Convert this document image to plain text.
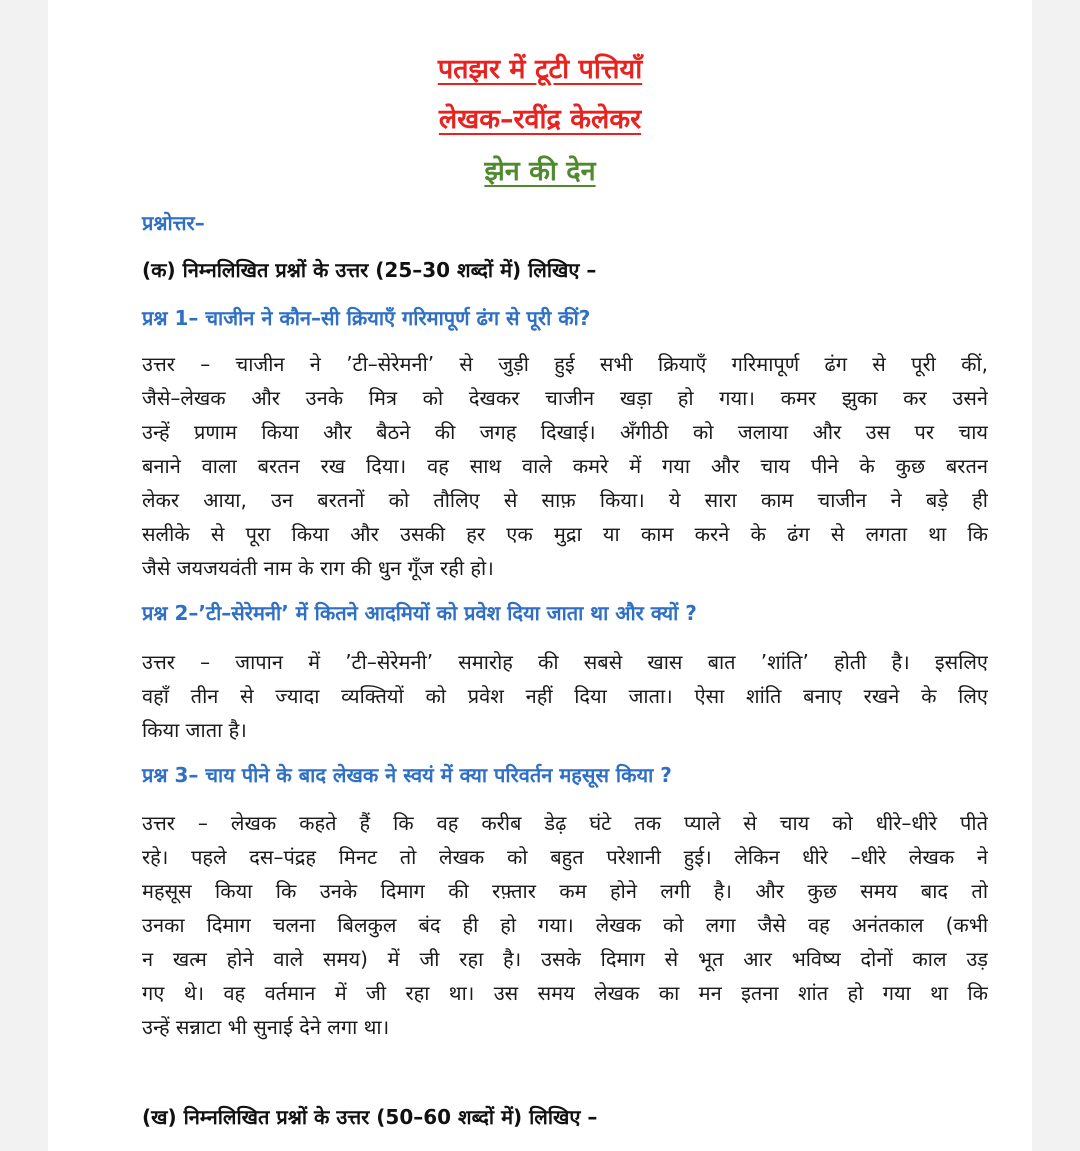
पतझर में टूटी पत्तियाँ
लेखक–रवींद्र केलेकर
झेन की देन
प्रश्नोत्तर–
(क) निम्नलिखित प्रश्नों के उत्तर (25–30 शब्दों में) लिखिए –
प्रश्न 1– चाजीन ने कौन–सी क्रियाएँ गरिमापूर्ण ढंग से पूरी कीं?
उत्तर – चाजीन ने ’टी–सेरेमनी’ से जुड़ी हुई सभी क्रियाएँ गरिमापूर्ण ढंग से पूरी कीं,
जैसे–लेखक और उनके मित्र को देखकर चाजीन खड़ा हो गया। कमर झुका कर उसने
उन्हें प्रणाम किया और बैठने की जगह दिखाई। अँगीठी को जलाया और उस पर चाय
बनाने वाला बरतन रख दिया। वह साथ वाले कमरे में गया और चाय पीने के कुछ बरतन
लेकर आया, उन बरतनों को तौलिए से साफ़ किया। ये सारा काम चाजीन ने बड़े ही
सलीके से पूरा किया और उसकी हर एक मुद्रा या काम करने के ढंग से लगता था कि
जैसे जयजयवंती नाम के राग की धुन गूँज रही हो।
प्रश्न 2–’टी–सेरेमनी’ में कितने आदमियों को प्रवेश दिया जाता था और क्यों ?
उत्तर – जापान में ’टी–सेरेमनी’ समारोह की सबसे खास बात ’शांति’ होती है। इसलिए
वहाँ तीन से ज्यादा व्यक्तियों को प्रवेश नहीं दिया जाता। ऐसा शांति बनाए रखने के लिए
किया जाता है।
प्रश्न 3– चाय पीने के बाद लेखक ने स्वयं में क्या परिवर्तन महसूस किया ?
उत्तर – लेखक कहते हैं कि वह करीब डेढ़ घंटे तक प्याले से चाय को धीरे–धीरे पीते
रहे। पहले दस–पंद्रह मिनट तो लेखक को बहुत परेशानी हुई। लेकिन धीरे –धीरे लेखक ने
महसूस किया कि उनके दिमाग की रफ़्तार कम होने लगी है। और कुछ समय बाद तो
उनका दिमाग चलना बिलकुल बंद ही हो गया। लेखक को लगा जैसे वह अनंतकाल (कभी
न खत्म होने वाले समय) में जी रहा है। उसके दिमाग से भूत आर भविष्य दोनों काल उड़
गए थे। वह वर्तमान में जी रहा था। उस समय लेखक का मन इतना शांत हो गया था कि
उन्हें सन्नाटा भी सुनाई देने लगा था।
(ख) निम्नलिखित प्रश्नों के उत्तर (50–60 शब्दों में) लिखिए –
